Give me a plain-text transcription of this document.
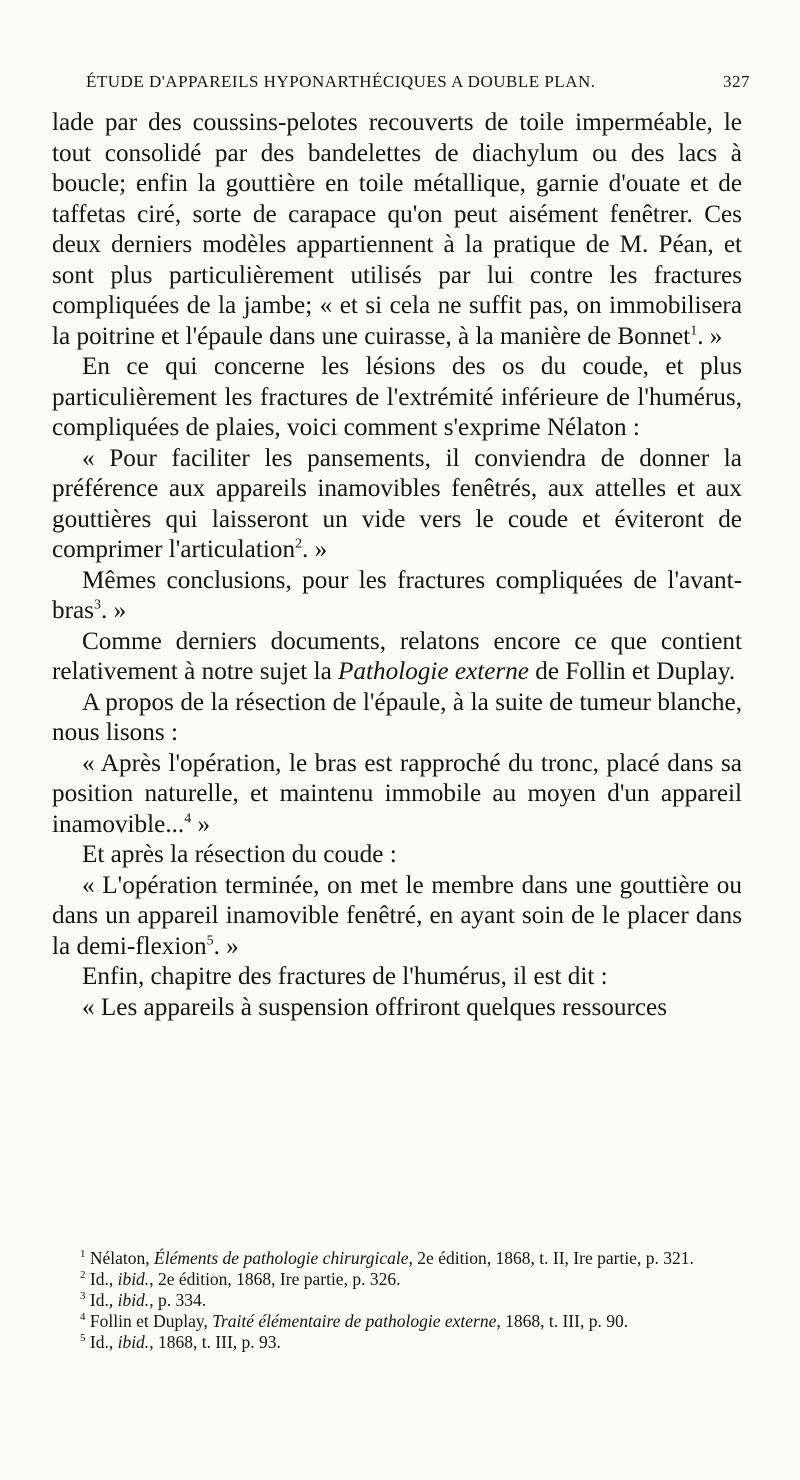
ÉTUDE D'APPAREILS HYPONARTHÉCIQUES A DOUBLE PLAN.	327

lade par des coussins-pelotes recouverts de toile imperméable, le tout consolidé par des bandelettes de diachylum ou des lacs à boucle; enfin la gouttière en toile métallique, garnie d'ouate et de taffetas ciré, sorte de carapace qu'on peut aisément fenêtrer. Ces deux derniers modèles appartiennent à la pratique de M. Péan, et sont plus particulièrement utilisés par lui contre les fractures compliquées de la jambe; « et si cela ne suffit pas, on immobilisera la poitrine et l'épaule dans une cuirasse, à la manière de Bonnet$^1$. »

En ce qui concerne les lésions des os du coude, et plus particulièrement les fractures de l'extrémité inférieure de l'humérus, compliquées de plaies, voici comment s'exprime Nélaton :

« Pour faciliter les pansements, il conviendra de donner la préférence aux appareils inamovibles fenêtrés, aux attelles et aux gouttières qui laisseront un vide vers le coude et éviteront de comprimer l'articulation$^2$. »

Mêmes conclusions, pour les fractures compliquées de l'avant-bras$^3$. »

Comme derniers documents, relatons encore ce que contient relativement à notre sujet la Pathologie externe de Follin et Duplay.

A propos de la résection de l'épaule, à la suite de tumeur blanche, nous lisons :

« Après l'opération, le bras est rapproché du tronc, placé dans sa position naturelle, et maintenu immobile au moyen d'un appareil inamovible...$^4$ »

Et après la résection du coude :

« L'opération terminée, on met le membre dans une gouttière ou dans un appareil inamovible fenêtré, en ayant soin de le placer dans la demi-flexion$^5$. »

Enfin, chapitre des fractures de l'humérus, il est dit :

« Les appareils à suspension offriront quelques ressources

$^1$ Nélaton, Éléments de pathologie chirurgicale, 2e édition, 1868, t. II, Ire partie, p. 321.

$^2$ Id., ibid., 2e édition, 1868, Ire partie, p. 326.

$^3$ Id., ibid., p. 334.

$^4$ Follin et Duplay, Traité élémentaire de pathologie externe, 1868, t. III, p. 90.

$^5$ Id., ibid., 1868, t. III, p. 93.
